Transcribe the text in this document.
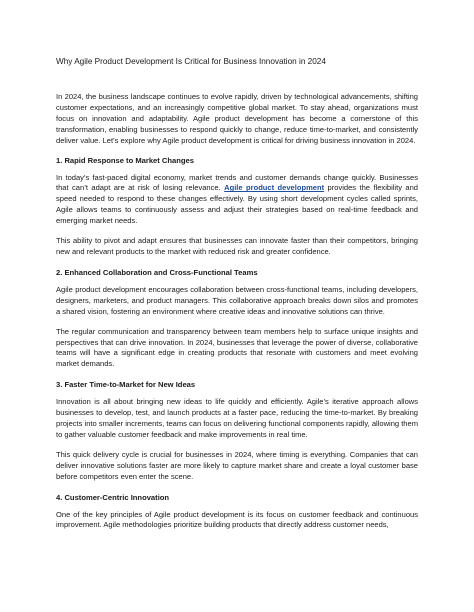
Why Agile Product Development Is Critical for Business Innovation in 2024

In 2024, the business landscape continues to evolve rapidly, driven by technological advancements, shifting customer expectations, and an increasingly competitive global market. To stay ahead, organizations must focus on innovation and adaptability. Agile product development has become a cornerstone of this transformation, enabling businesses to respond quickly to change, reduce time-to-market, and consistently deliver value. Let’s explore why Agile product development is critical for driving business innovation in 2024.

1. Rapid Response to Market Changes

In today’s fast-paced digital economy, market trends and customer demands change quickly. Businesses that can’t adapt are at risk of losing relevance. Agile product development provides the flexibility and speed needed to respond to these changes effectively. By using short development cycles called sprints, Agile allows teams to continuously assess and adjust their strategies based on real-time feedback and emerging market needs.

This ability to pivot and adapt ensures that businesses can innovate faster than their competitors, bringing new and relevant products to the market with reduced risk and greater confidence.

2. Enhanced Collaboration and Cross-Functional Teams

Agile product development encourages collaboration between cross-functional teams, including developers, designers, marketers, and product managers. This collaborative approach breaks down silos and promotes a shared vision, fostering an environment where creative ideas and innovative solutions can thrive.

The regular communication and transparency between team members help to surface unique insights and perspectives that can drive innovation. In 2024, businesses that leverage the power of diverse, collaborative teams will have a significant edge in creating products that resonate with customers and meet evolving market demands.

3. Faster Time-to-Market for New Ideas

Innovation is all about bringing new ideas to life quickly and efficiently. Agile’s iterative approach allows businesses to develop, test, and launch products at a faster pace, reducing the time-to-market. By breaking projects into smaller increments, teams can focus on delivering functional components rapidly, allowing them to gather valuable customer feedback and make improvements in real time.

This quick delivery cycle is crucial for businesses in 2024, where timing is everything. Companies that can deliver innovative solutions faster are more likely to capture market share and create a loyal customer base before competitors even enter the scene.

4. Customer-Centric Innovation

One of the key principles of Agile product development is its focus on customer feedback and continuous improvement. Agile methodologies prioritize building products that directly address customer needs,
